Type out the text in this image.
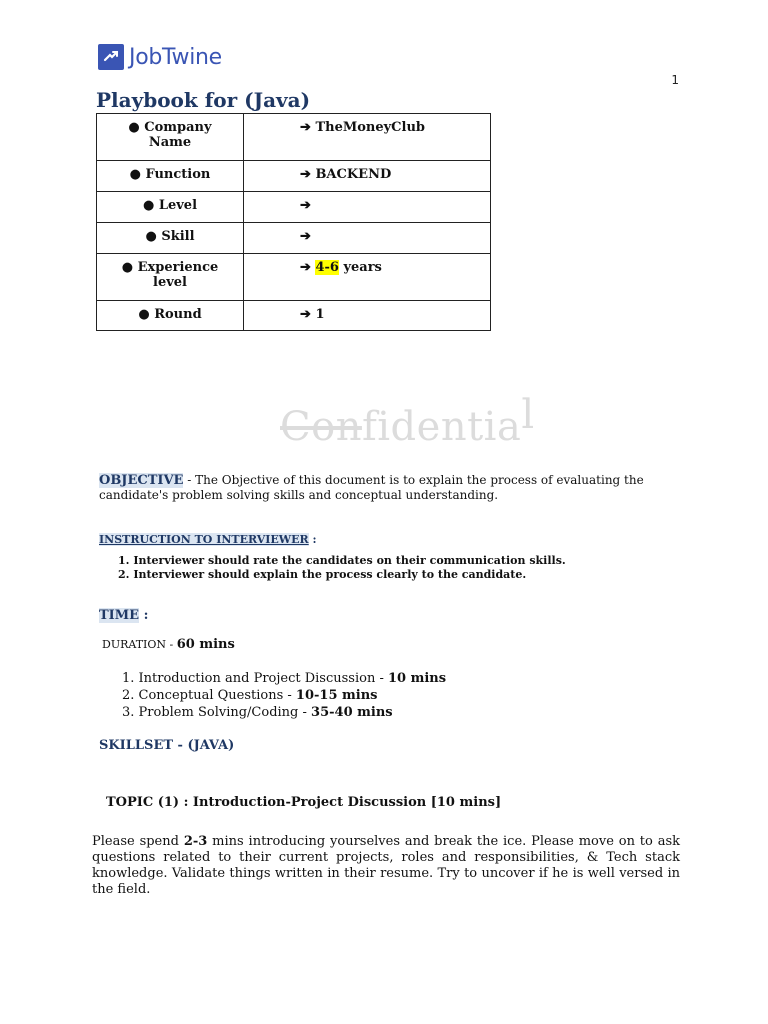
JobTwine
1
Playbook for (Java)
● Company Name	➔ TheMoneyClub
● Function	➔ BACKEND
● Level	➔
● Skill	➔
● Experience level	➔ 4-6 years
● Round	➔ 1
Confidential
OBJECTIVE - The Objective of this document is to explain the process of evaluating the candidate's problem solving skills and conceptual understanding.
INSTRUCTION TO INTERVIEWER :
1. Interviewer should rate the candidates on their communication skills.
2. Interviewer should explain the process clearly to the candidate.
TIME :
DURATION - 60 mins
1. Introduction and Project Discussion - 10 mins
2. Conceptual Questions - 10-15 mins
3. Problem Solving/Coding - 35-40 mins
SKILLSET - (JAVA)
TOPIC (1) : Introduction-Project Discussion [10 mins]
Please spend 2-3 mins introducing yourselves and break the ice. Please move on to ask questions related to their current projects, roles and responsibilities, & Tech stack knowledge. Validate things written in their resume. Try to uncover if he is well versed in the field.
